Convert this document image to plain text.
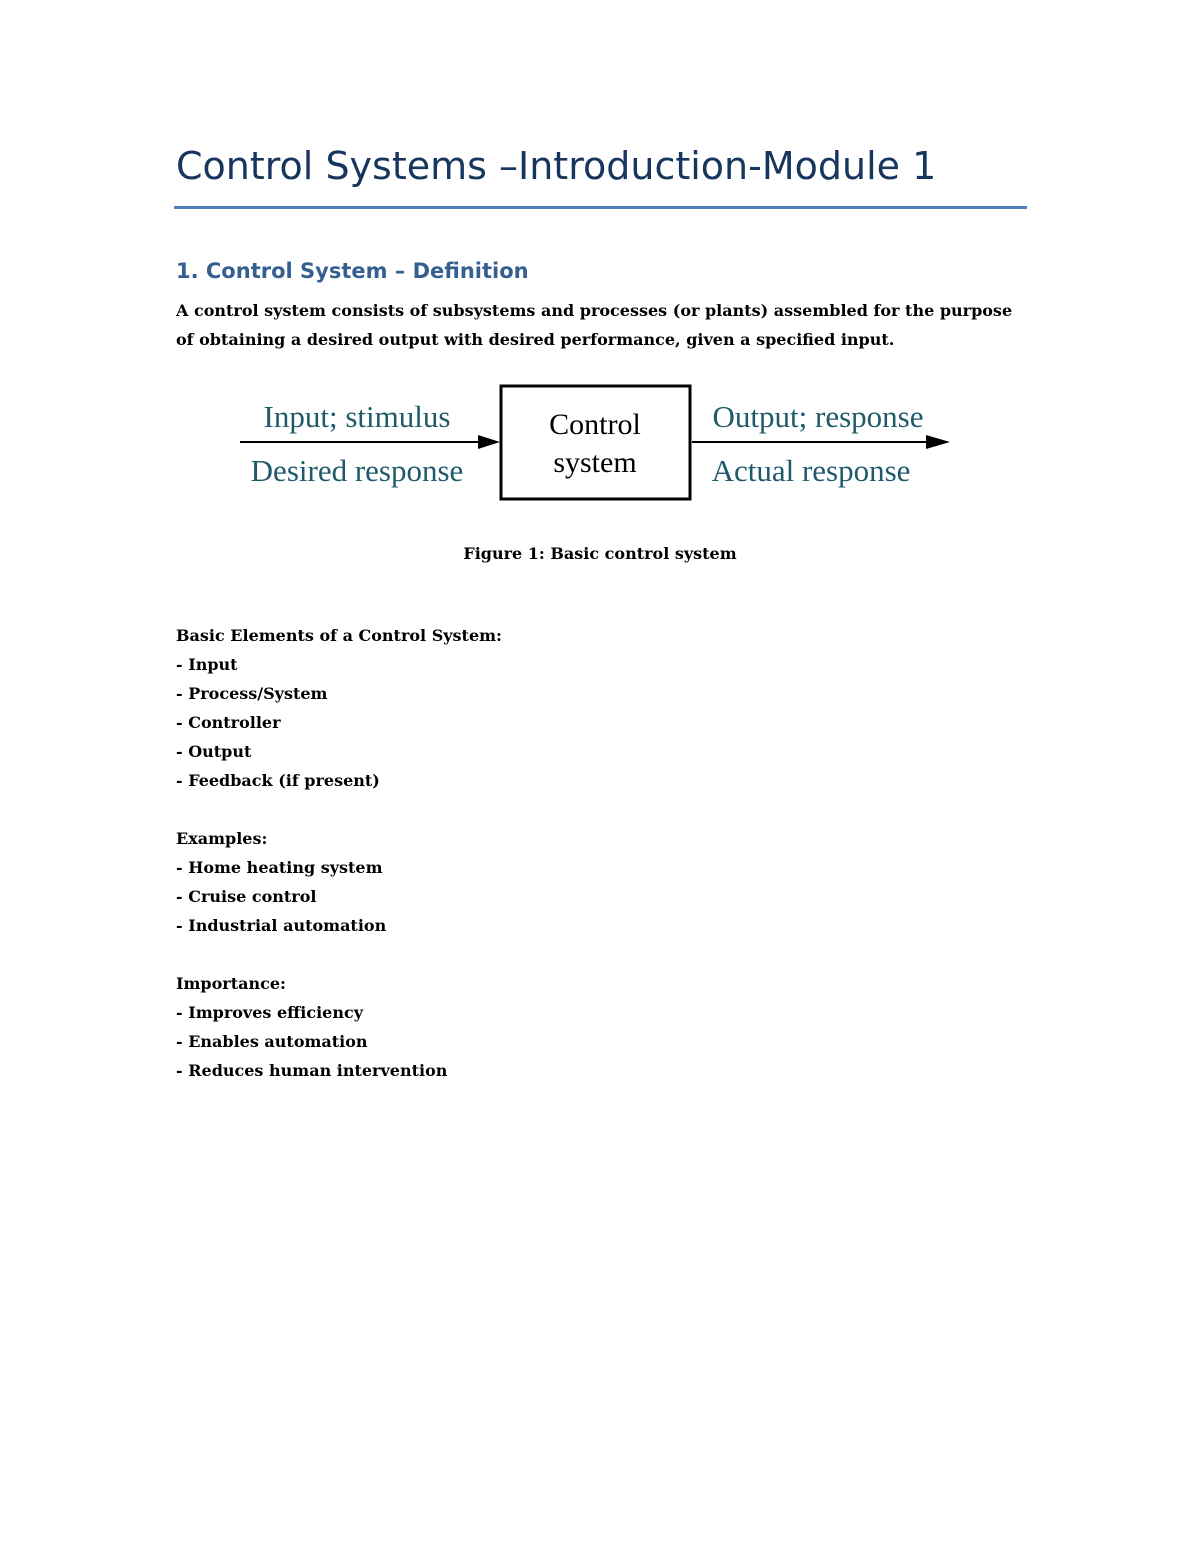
Control Systems –Introduction-Module 1
1. Control System – Definition

A control system consists of subsystems and processes (or plants) assembled for the purpose
of obtaining a desired output with desired performance, given a specified input.

Input; stimulus
Desired response
Control
system
Output; response
Actual response

Figure 1: Basic control system

Basic Elements of a Control System:
- Input
- Process/System
- Controller
- Output
- Feedback (if present)
Examples:
- Home heating system
- Cruise control
- Industrial automation
Importance:
- Improves efficiency
- Enables automation
- Reduces human intervention
